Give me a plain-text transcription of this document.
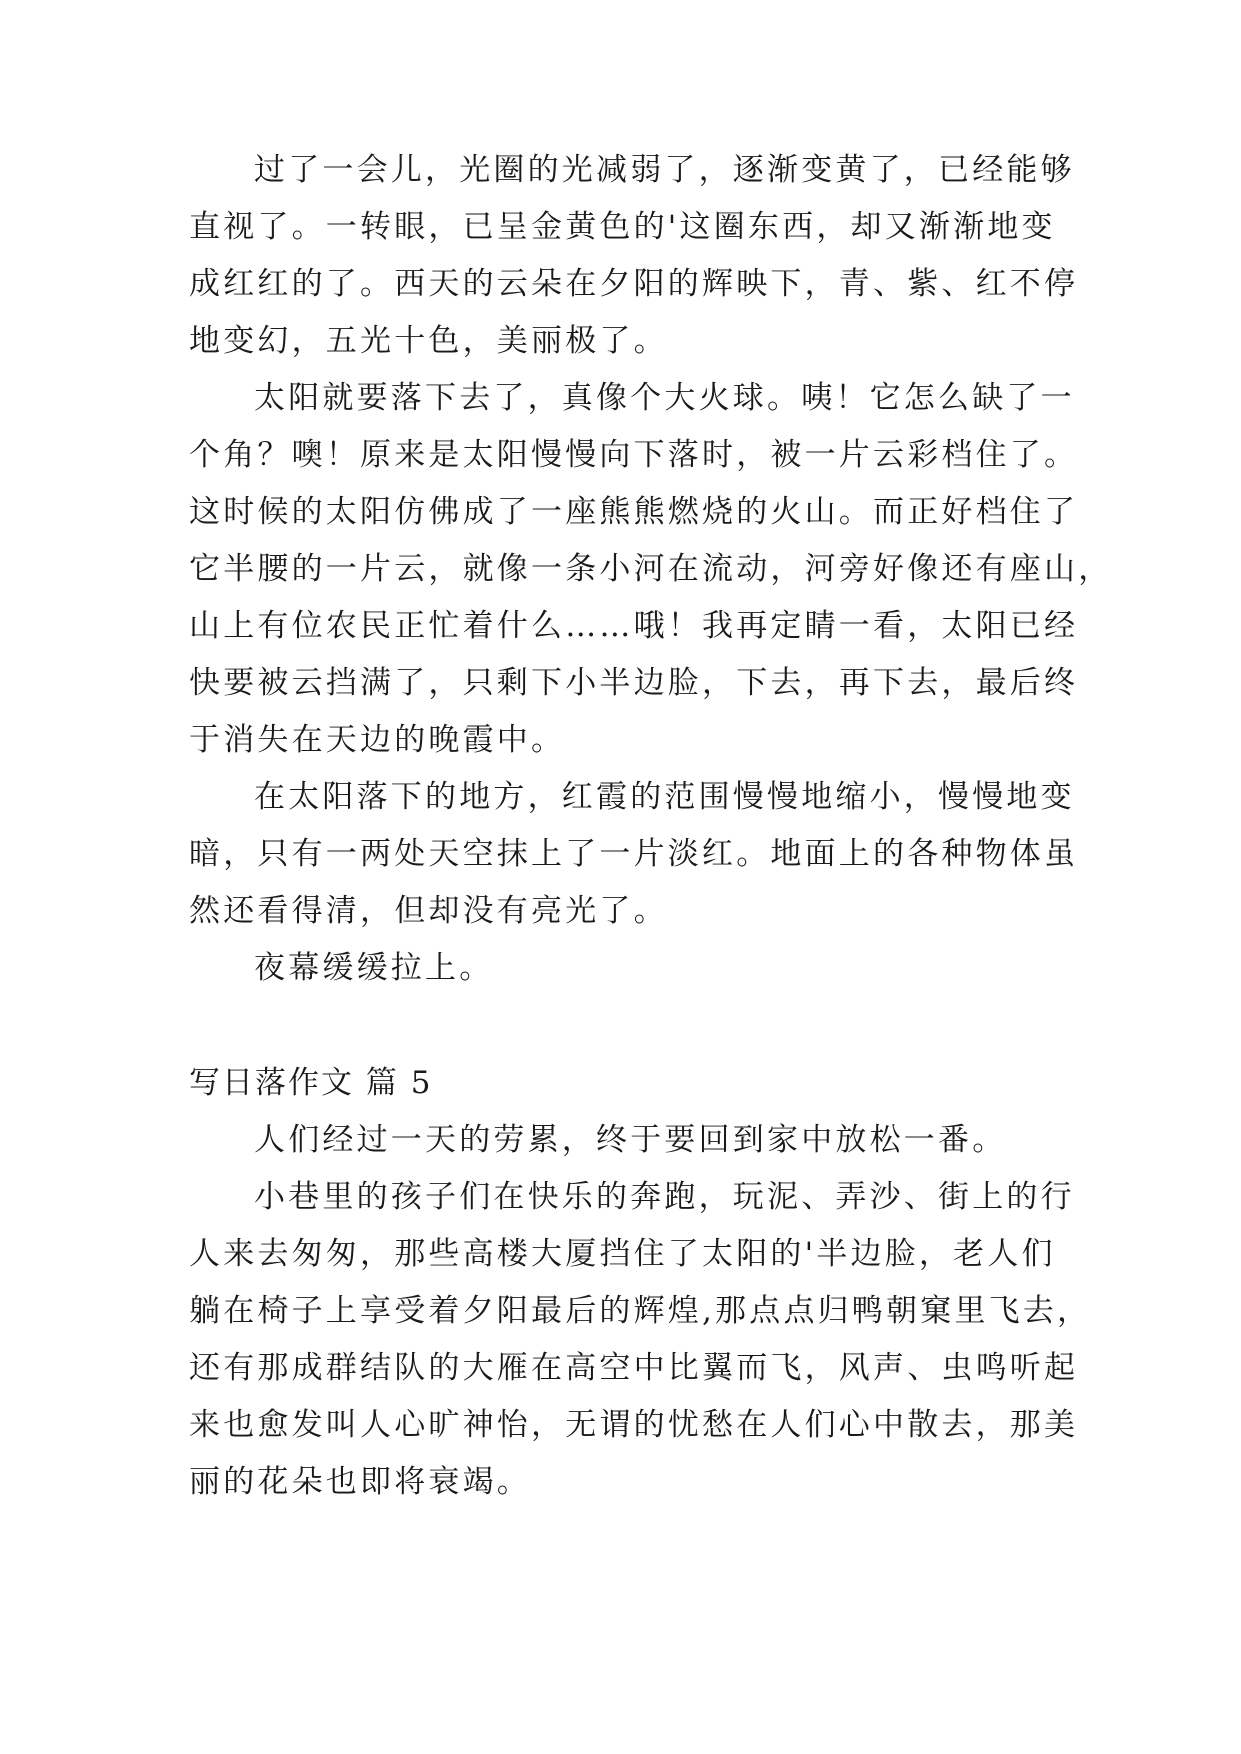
过了一会儿，光圈的光减弱了，逐渐变黄了，已经能够

直视了。一转眼，已呈金黄色的'这圈东西，却又渐渐地变

成红红的了。西天的云朵在夕阳的辉映下，青、紫、红不停

地变幻，五光十色，美丽极了。

太阳就要落下去了，真像个大火球。咦！它怎么缺了一

个角？噢！原来是太阳慢慢向下落时，被一片云彩档住了。

这时候的太阳仿佛成了一座熊熊燃烧的火山。而正好档住了

它半腰的一片云，就像一条小河在流动，河旁好像还有座山，

山上有位农民正忙着什么……哦！我再定睛一看，太阳已经

快要被云挡满了，只剩下小半边脸，下去，再下去，最后终

于消失在天边的晚霞中。

在太阳落下的地方，红霞的范围慢慢地缩小，慢慢地变

暗，只有一两处天空抹上了一片淡红。地面上的各种物体虽

然还看得清，但却没有亮光了。

夜幕缓缓拉上。

写日落作文 篇 5

人们经过一天的劳累，终于要回到家中放松一番。

小巷里的孩子们在快乐的奔跑，玩泥、弄沙、街上的行

人来去匆匆，那些高楼大厦挡住了太阳的'半边脸，老人们

躺在椅子上享受着夕阳最后的辉煌,那点点归鸭朝窠里飞去，

还有那成群结队的大雁在高空中比翼而飞，风声、虫鸣听起

来也愈发叫人心旷神怡，无谓的忧愁在人们心中散去，那美

丽的花朵也即将衰竭。
